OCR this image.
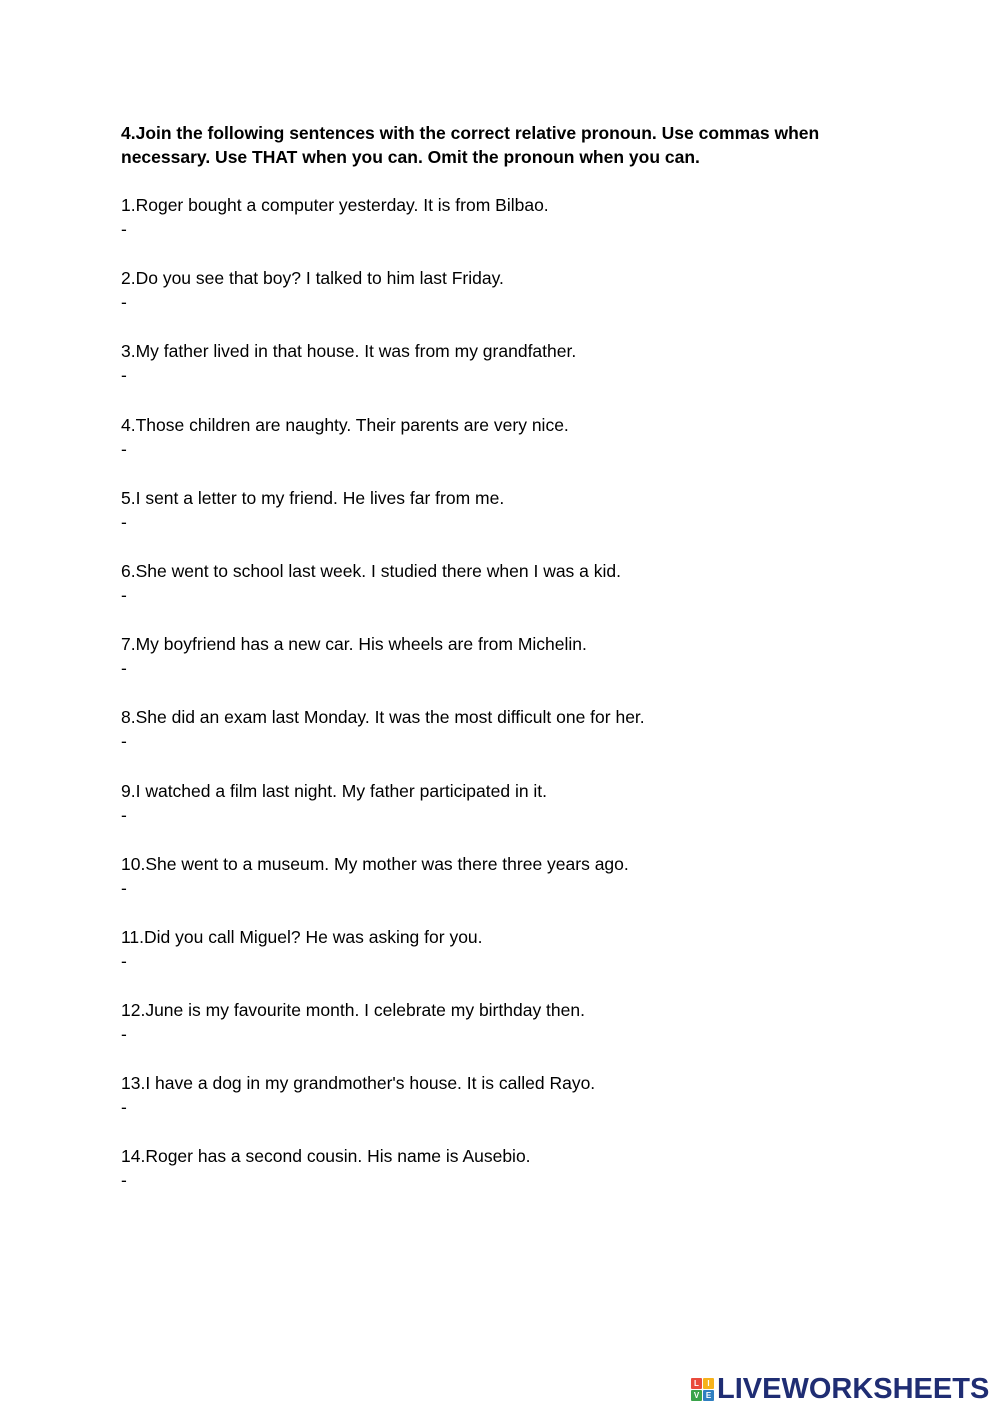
4.Join the following sentences with the correct relative pronoun. Use commas when necessary. Use THAT when you can. Omit the pronoun when you can.

1.Roger bought a computer yesterday. It is from Bilbao.
-
2.Do you see that boy? I talked to him last Friday.
-
3.My father lived in that house. It was from my grandfather.
-
4.Those children are naughty. Their parents are very nice.
-
5.I sent a letter to my friend. He lives far from me.
-
6.She went to school last week. I studied there when I was a kid.
-
7.My boyfriend has a new car. His wheels are from Michelin.
-
8.She did an exam last Monday. It was the most difficult one for her.
-
9.I watched a film last night. My father participated in it.
-
10.She went to a museum. My mother was there three years ago.
-
11.Did you call Miguel? He was asking for you.
-
12.June is my favourite month. I celebrate my birthday then.
-
13.I have a dog in my grandmother's house. It is called Rayo.
-
14.Roger has a second cousin. His name is Ausebio.
-
L	I
V E LIVEWORKSHEETS
